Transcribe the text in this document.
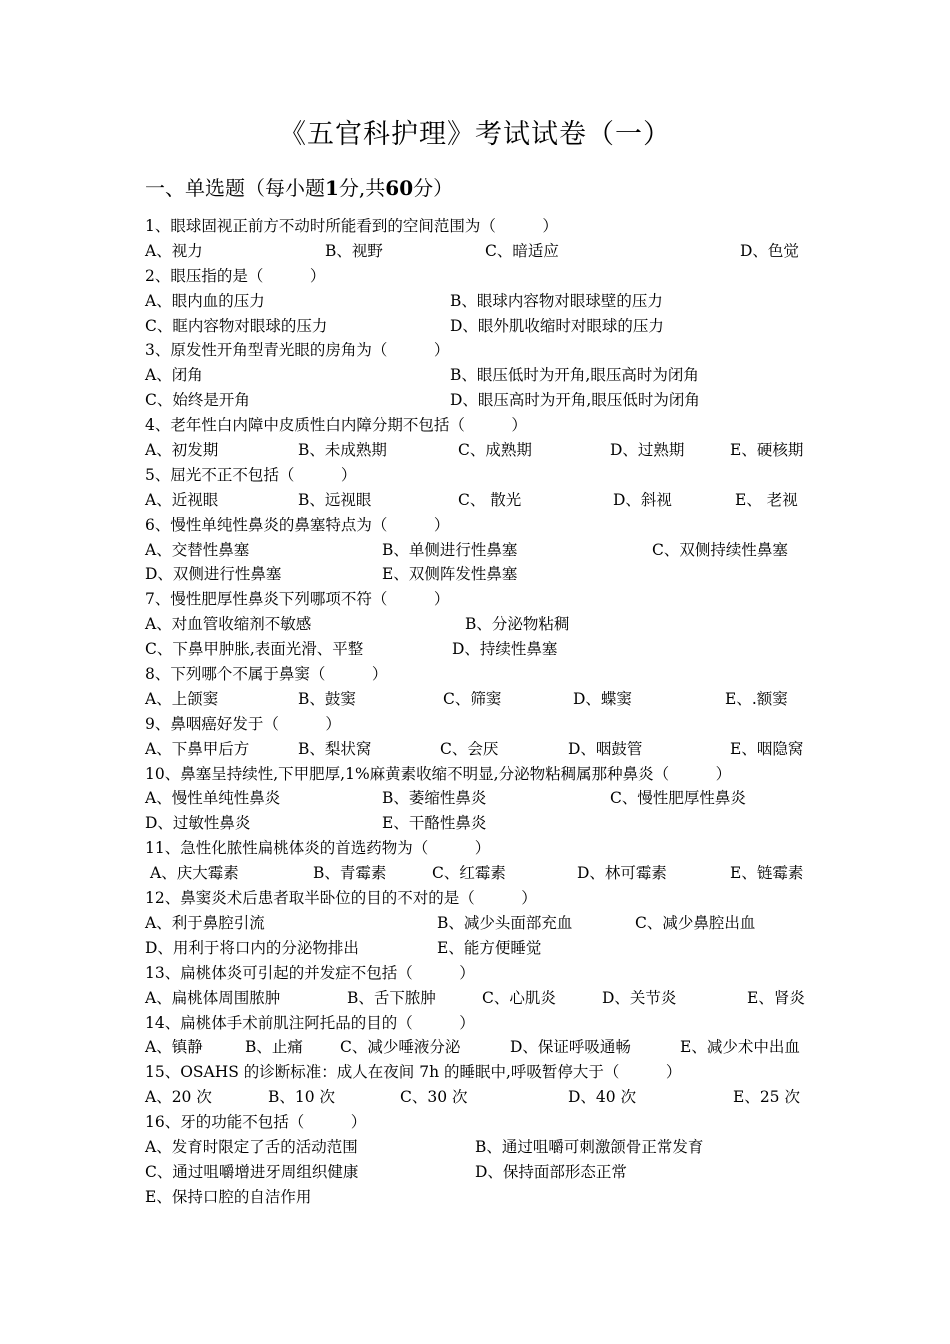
《五官科护理》考试试卷（一）
一、单选题（每小题1分,共60分）
1、眼球固视正前方不动时所能看到的空间范围为（　　　）
A、视力	B、视野	C、暗适应	D、色觉
2、眼压指的是（　　　）
A、眼内血的压力	B、眼球内容物对眼球壁的压力
C、眶内容物对眼球的压力	D、眼外肌收缩时对眼球的压力
3、原发性开角型青光眼的房角为（　　　）
A、闭角	B、眼压低时为开角,眼压高时为闭角
C、始终是开角	D、眼压高时为开角,眼压低时为闭角
4、老年性白内障中皮质性白内障分期不包括（　　　）
A、初发期	B、未成熟期	C、成熟期	D、过熟期	E、硬核期
5、屈光不正不包括（　　　）
A、近视眼	B、远视眼	C、 散光	D、斜视	E、 老视
6、慢性单纯性鼻炎的鼻塞特点为（　　　）
A、交替性鼻塞	B、单侧进行性鼻塞	C、双侧持续性鼻塞
D、双侧进行性鼻塞	E、双侧阵发性鼻塞
7、慢性肥厚性鼻炎下列哪项不符（　　　）
A、对血管收缩剂不敏感	B、分泌物粘稠
C、下鼻甲肿胀,表面光滑、平整	D、持续性鼻塞
8、下列哪个不属于鼻窦（　　　）
A、上颌窦	B、鼓窦	C、筛窦	D、蝶窦	E、.额窦
9、鼻咽癌好发于（　　　）
A、下鼻甲后方	B、梨状窝	C、会厌	D、咽鼓管	E、咽隐窝
10、鼻塞呈持续性,下甲肥厚,1%麻黄素收缩不明显,分泌物粘稠属那种鼻炎（　　　）
A、慢性单纯性鼻炎	B、萎缩性鼻炎	C、慢性肥厚性鼻炎
D、过敏性鼻炎	E、干酪性鼻炎
11、急性化脓性扁桃体炎的首选药物为（　　　）
A、庆大霉素	B、青霉素	C、红霉素	D、林可霉素	E、链霉素
12、鼻窦炎术后患者取半卧位的目的不对的是（　　　）
A、利于鼻腔引流	B、减少头面部充血	C、减少鼻腔出血
D、用利于将口内的分泌物排出	E、能方便睡觉
13、扁桃体炎可引起的并发症不包括（　　　）
A、扁桃体周围脓肿	B、舌下脓肿	C、心肌炎	D、关节炎	E、肾炎
14、扁桃体手术前肌注阿托品的目的（　　　）
A、镇静	B、止痛 C、减少唾液分泌	D、保证呼吸通畅	E、减少术中出血
15、OSAHS 的诊断标准：成人在夜间 7h 的睡眠中,呼吸暂停大于（　　　）
A、20 次	B、10 次	C、30 次	D、40 次	E、25 次
16、牙的功能不包括（　　　）
A、发育时限定了舌的活动范围	B、通过咀嚼可刺激颌骨正常发育
C、通过咀嚼增进牙周组织健康	D、保持面部形态正常
E、保持口腔的自洁作用
